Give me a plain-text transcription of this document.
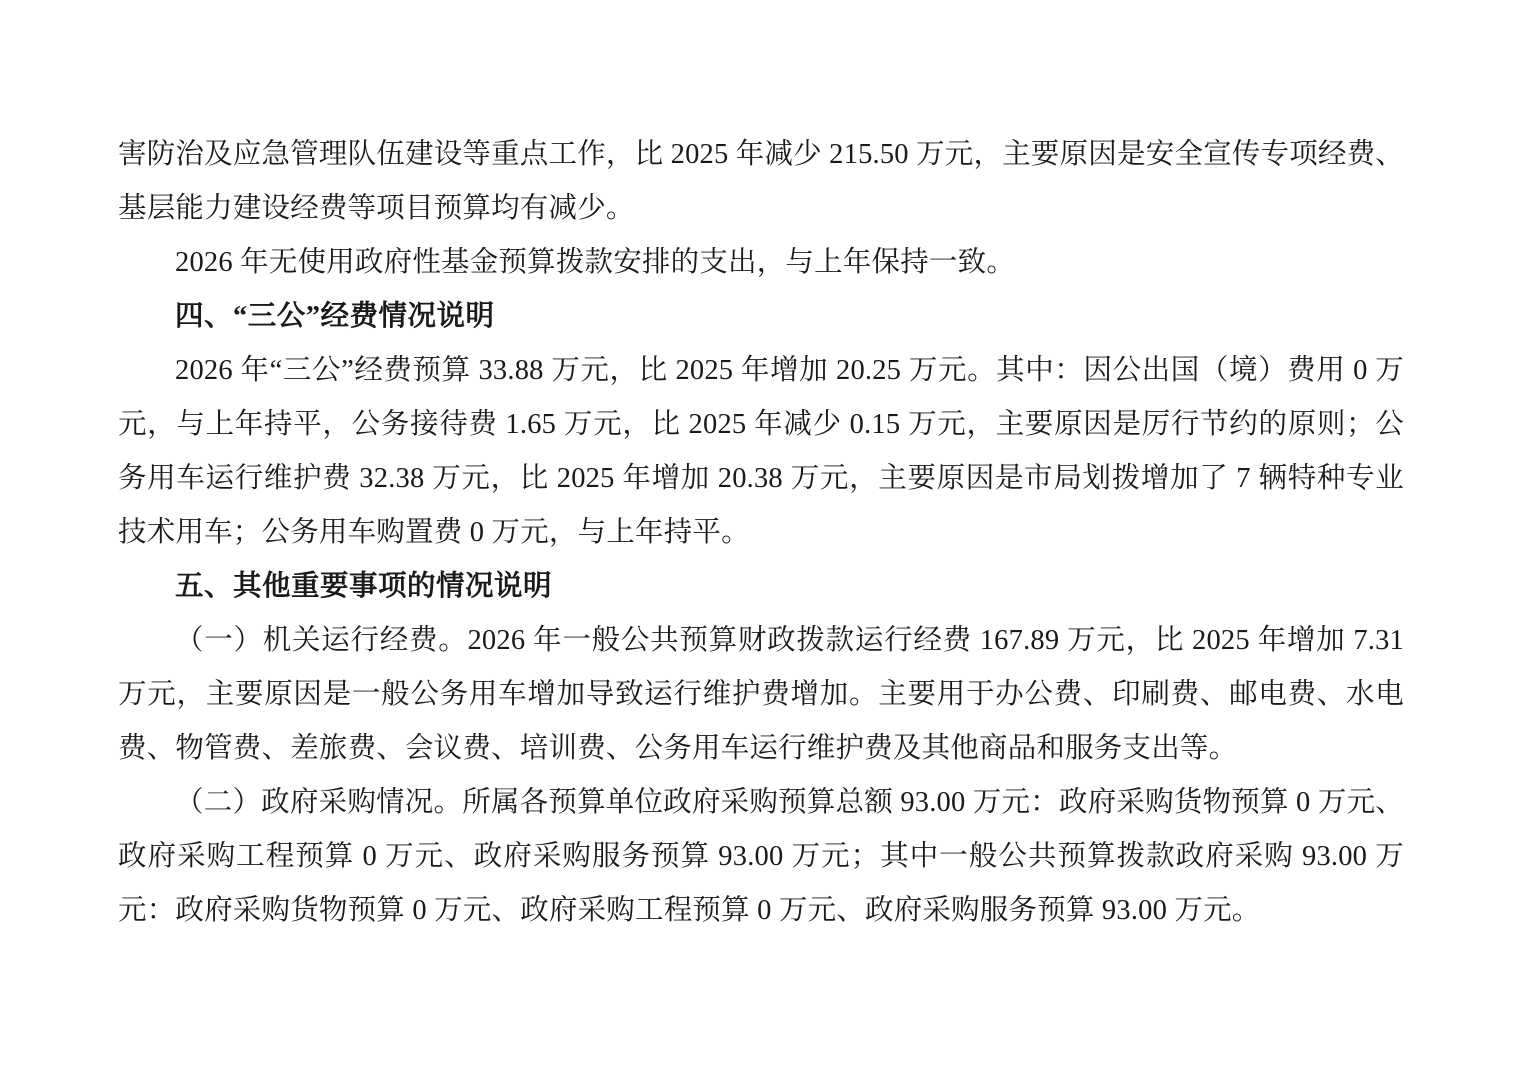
害防治及应急管理队伍建设等重点工作，比 2025 年减少 215.50 万元，主要原因是安全宣传专项经费、基层能力建设经费等项目预算均有减少。

2026 年无使用政府性基金预算拨款安排的支出，与上年保持一致。

四、“三公”经费情况说明

2026 年“三公”经费预算 33.88 万元，比 2025 年增加 20.25 万元。其中：因公出国（境）费用 0 万元，与上年持平，公务接待费 1.65 万元，比 2025 年减少 0.15 万元，主要原因是厉行节约的原则；公务用车运行维护费 32.38 万元，比 2025 年增加 20.38 万元，主要原因是市局划拨增加了 7 辆特种专业技术用车；公务用车购置费 0 万元，与上年持平。

五、其他重要事项的情况说明

（一）机关运行经费。2026 年一般公共预算财政拨款运行经费 167.89 万元，比 2025 年增加 7.31 万元，主要原因是一般公务用车增加导致运行维护费增加。主要用于办公费、印刷费、邮电费、水电费、物管费、差旅费、会议费、培训费、公务用车运行维护费及其他商品和服务支出等。

（二）政府采购情况。所属各预算单位政府采购预算总额 93.00 万元：政府采购货物预算 0 万元、政府采购工程预算 0 万元、政府采购服务预算 93.00 万元；其中一般公共预算拨款政府采购 93.00 万元：政府采购货物预算 0 万元、政府采购工程预算 0 万元、政府采购服务预算 93.00 万元。
